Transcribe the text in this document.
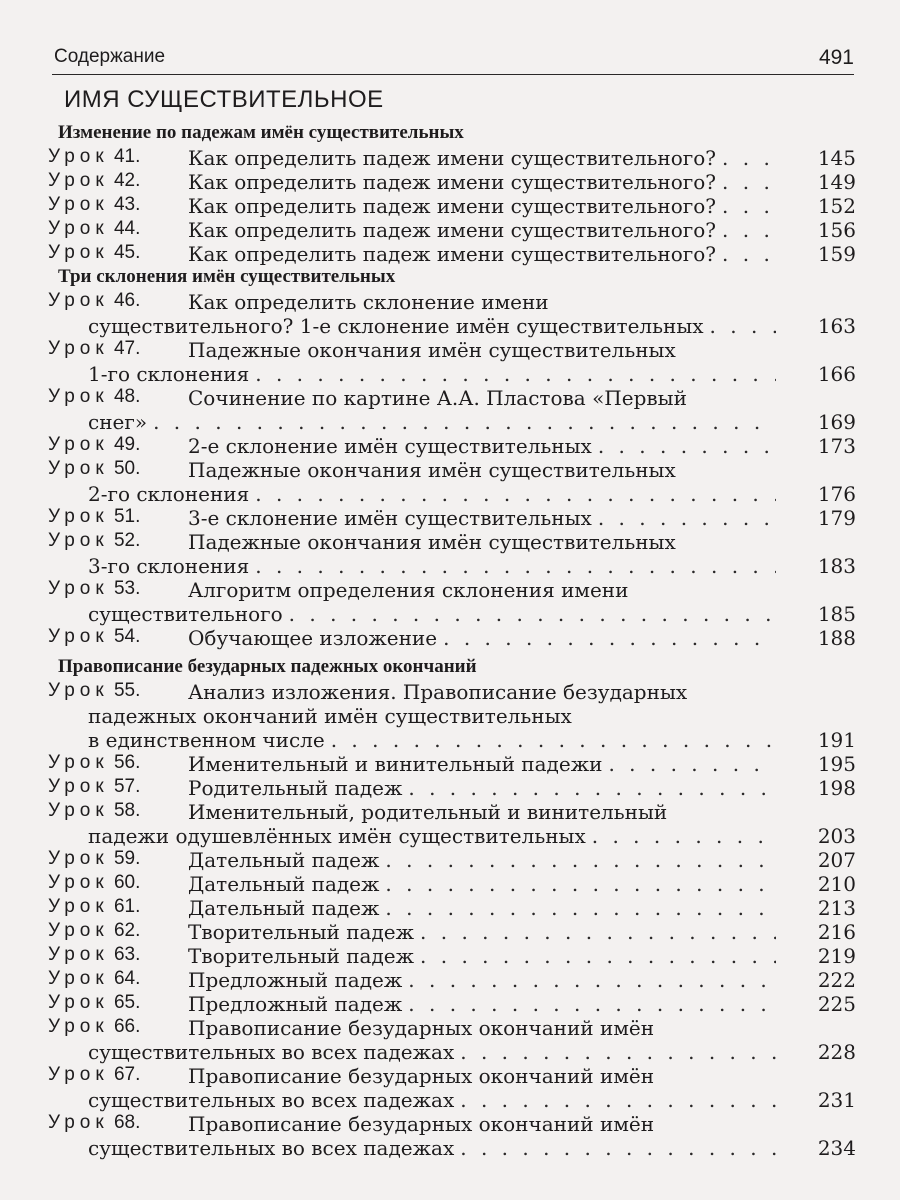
Содержание	491
ИМЯ СУЩЕСТВИТЕЛЬНОЕ
Изменение по падежам имён существительных
Урок 41.	Как определить падеж имени существительного? . . .	145
Урок 42.	Как определить падеж имени существительного? . . .	149
Урок 43.	Как определить падеж имени существительного? . . .	152
Урок 44.	Как определить падеж имени существительного? . . .	156
Урок 45.	Как определить падеж имени существительного? . . .	159
Три склонения имён существительных
Урок 46.	Как определить склонение имени
существительного? 1-е склонение имён существительных . . .	163
Урок 47.	Падежные окончания имён существительных
1-го склонения . . .	166
Урок 48.	Сочинение по картине А.А. Пластова «Первый
снег» . . .	169
Урок 49.	2-е склонение имён существительных . . .	173
Урок 50.	Падежные окончания имён существительных
2-го склонения . . .	176
Урок 51.	3-е склонение имён существительных . . .	179
Урок 52.	Падежные окончания имён существительных
3-го склонения . . .	183
Урок 53.	Алгоритм определения склонения имени
существительного . . .	185
Урок 54.	Обучающее изложение . . .	188
Правописание безударных падежных окончаний
Урок 55.	Анализ изложения. Правописание безударных
падежных окончаний имён существительных
в единственном числе . . .	191
Урок 56.	Именительный и винительный падежи . . .	195
Урок 57.	Родительный падеж . . .	198
Урок 58.	Именительный, родительный и винительный
падежи одушевлённых имён существительных . . .	203
Урок 59.	Дательный падеж . . .	207
Урок 60.	Дательный падеж . . .	210
Урок 61.	Дательный падеж . . .	213
Урок 62.	Творительный падеж . . .	216
Урок 63.	Творительный падеж . . .	219
Урок 64.	Предложный падеж . . .	222
Урок 65.	Предложный падеж . . .	225
Урок 66.	Правописание безударных окончаний имён
существительных во всех падежах . . .	228
Урок 67.	Правописание безударных окончаний имён
существительных во всех падежах . . .	231
Урок 68.	Правописание безударных окончаний имён
существительных во всех падежах . . .	234
